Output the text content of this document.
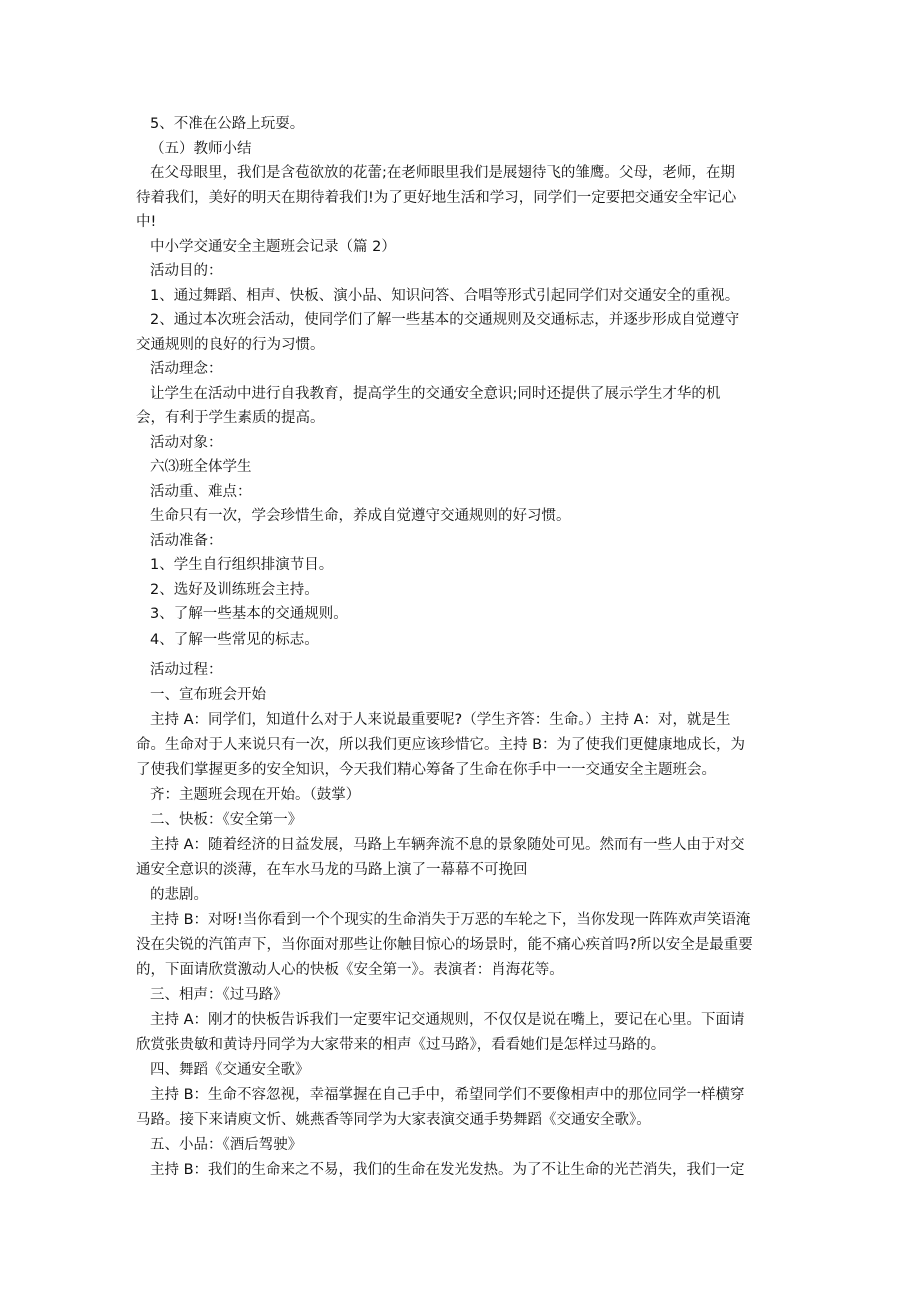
5、不准在公路上玩耍。

（五）教师小结

在父母眼里，我们是含苞欲放的花蕾;在老师眼里我们是展翅待飞的雏鹰。父母，老师，在期

待着我们，美好的明天在期待着我们!为了更好地生活和学习，同学们一定要把交通安全牢记心

中!

中小学交通安全主题班会记录（篇 2）

活动目的：

1、通过舞蹈、相声、快板、演小品、知识问答、合唱等形式引起同学们对交通安全的重视。

2、通过本次班会活动，使同学们了解一些基本的交通规则及交通标志，并逐步形成自觉遵守

交通规则的良好的行为习惯。

活动理念：

让学生在活动中进行自我教育，提高学生的交通安全意识;同时还提供了展示学生才华的机

会，有利于学生素质的提高。

活动对象：

六⑶班全体学生

活动重、难点：

生命只有一次，学会珍惜生命，养成自觉遵守交通规则的好习惯。

活动准备：

1、学生自行组织排演节目。

2、选好及训练班会主持。

3、了解一些基本的交通规则。

4、了解一些常见的标志。

活动过程：

一、宣布班会开始

主持 A：同学们，知道什么对于人来说最重要呢?（学生齐答：生命。）主持 A：对，就是生

命。生命对于人来说只有一次，所以我们更应该珍惜它。主持 B：为了使我们更健康地成长，为

了使我们掌握更多的安全知识，今天我们精心筹备了生命在你手中一一交通安全主题班会。

齐：主题班会现在开始。（鼓掌）

二、快板：《安全第一》

主持 A：随着经济的日益发展，马路上车辆奔流不息的景象随处可见。然而有一些人由于对交

通安全意识的淡薄，在车水马龙的马路上演了一幕幕不可挽回

的悲剧。

主持 B：对呀!当你看到一个个现实的生命消失于万恶的车轮之下，当你发现一阵阵欢声笑语淹

没在尖锐的汽笛声下，当你面对那些让你触目惊心的场景时，能不痛心疾首吗?所以安全是最重要

的，下面请欣赏激动人心的快板《安全第一》。表演者：肖海花等。

三、相声：《过马路》

主持 A：刚才的快板告诉我们一定要牢记交通规则，不仅仅是说在嘴上，要记在心里。下面请

欣赏张贵敏和黄诗丹同学为大家带来的相声《过马路》，看看她们是怎样过马路的。

四、舞蹈《交通安全歌》

主持 B：生命不容忽视，幸福掌握在自己手中，希望同学们不要像相声中的那位同学一样横穿

马路。接下来请庾文忻、姚燕香等同学为大家表演交通手势舞蹈《交通安全歌》。

五、小品：《酒后驾驶》

主持 B：我们的生命来之不易，我们的生命在发光发热。为了不让生命的光芒消失，我们一定
